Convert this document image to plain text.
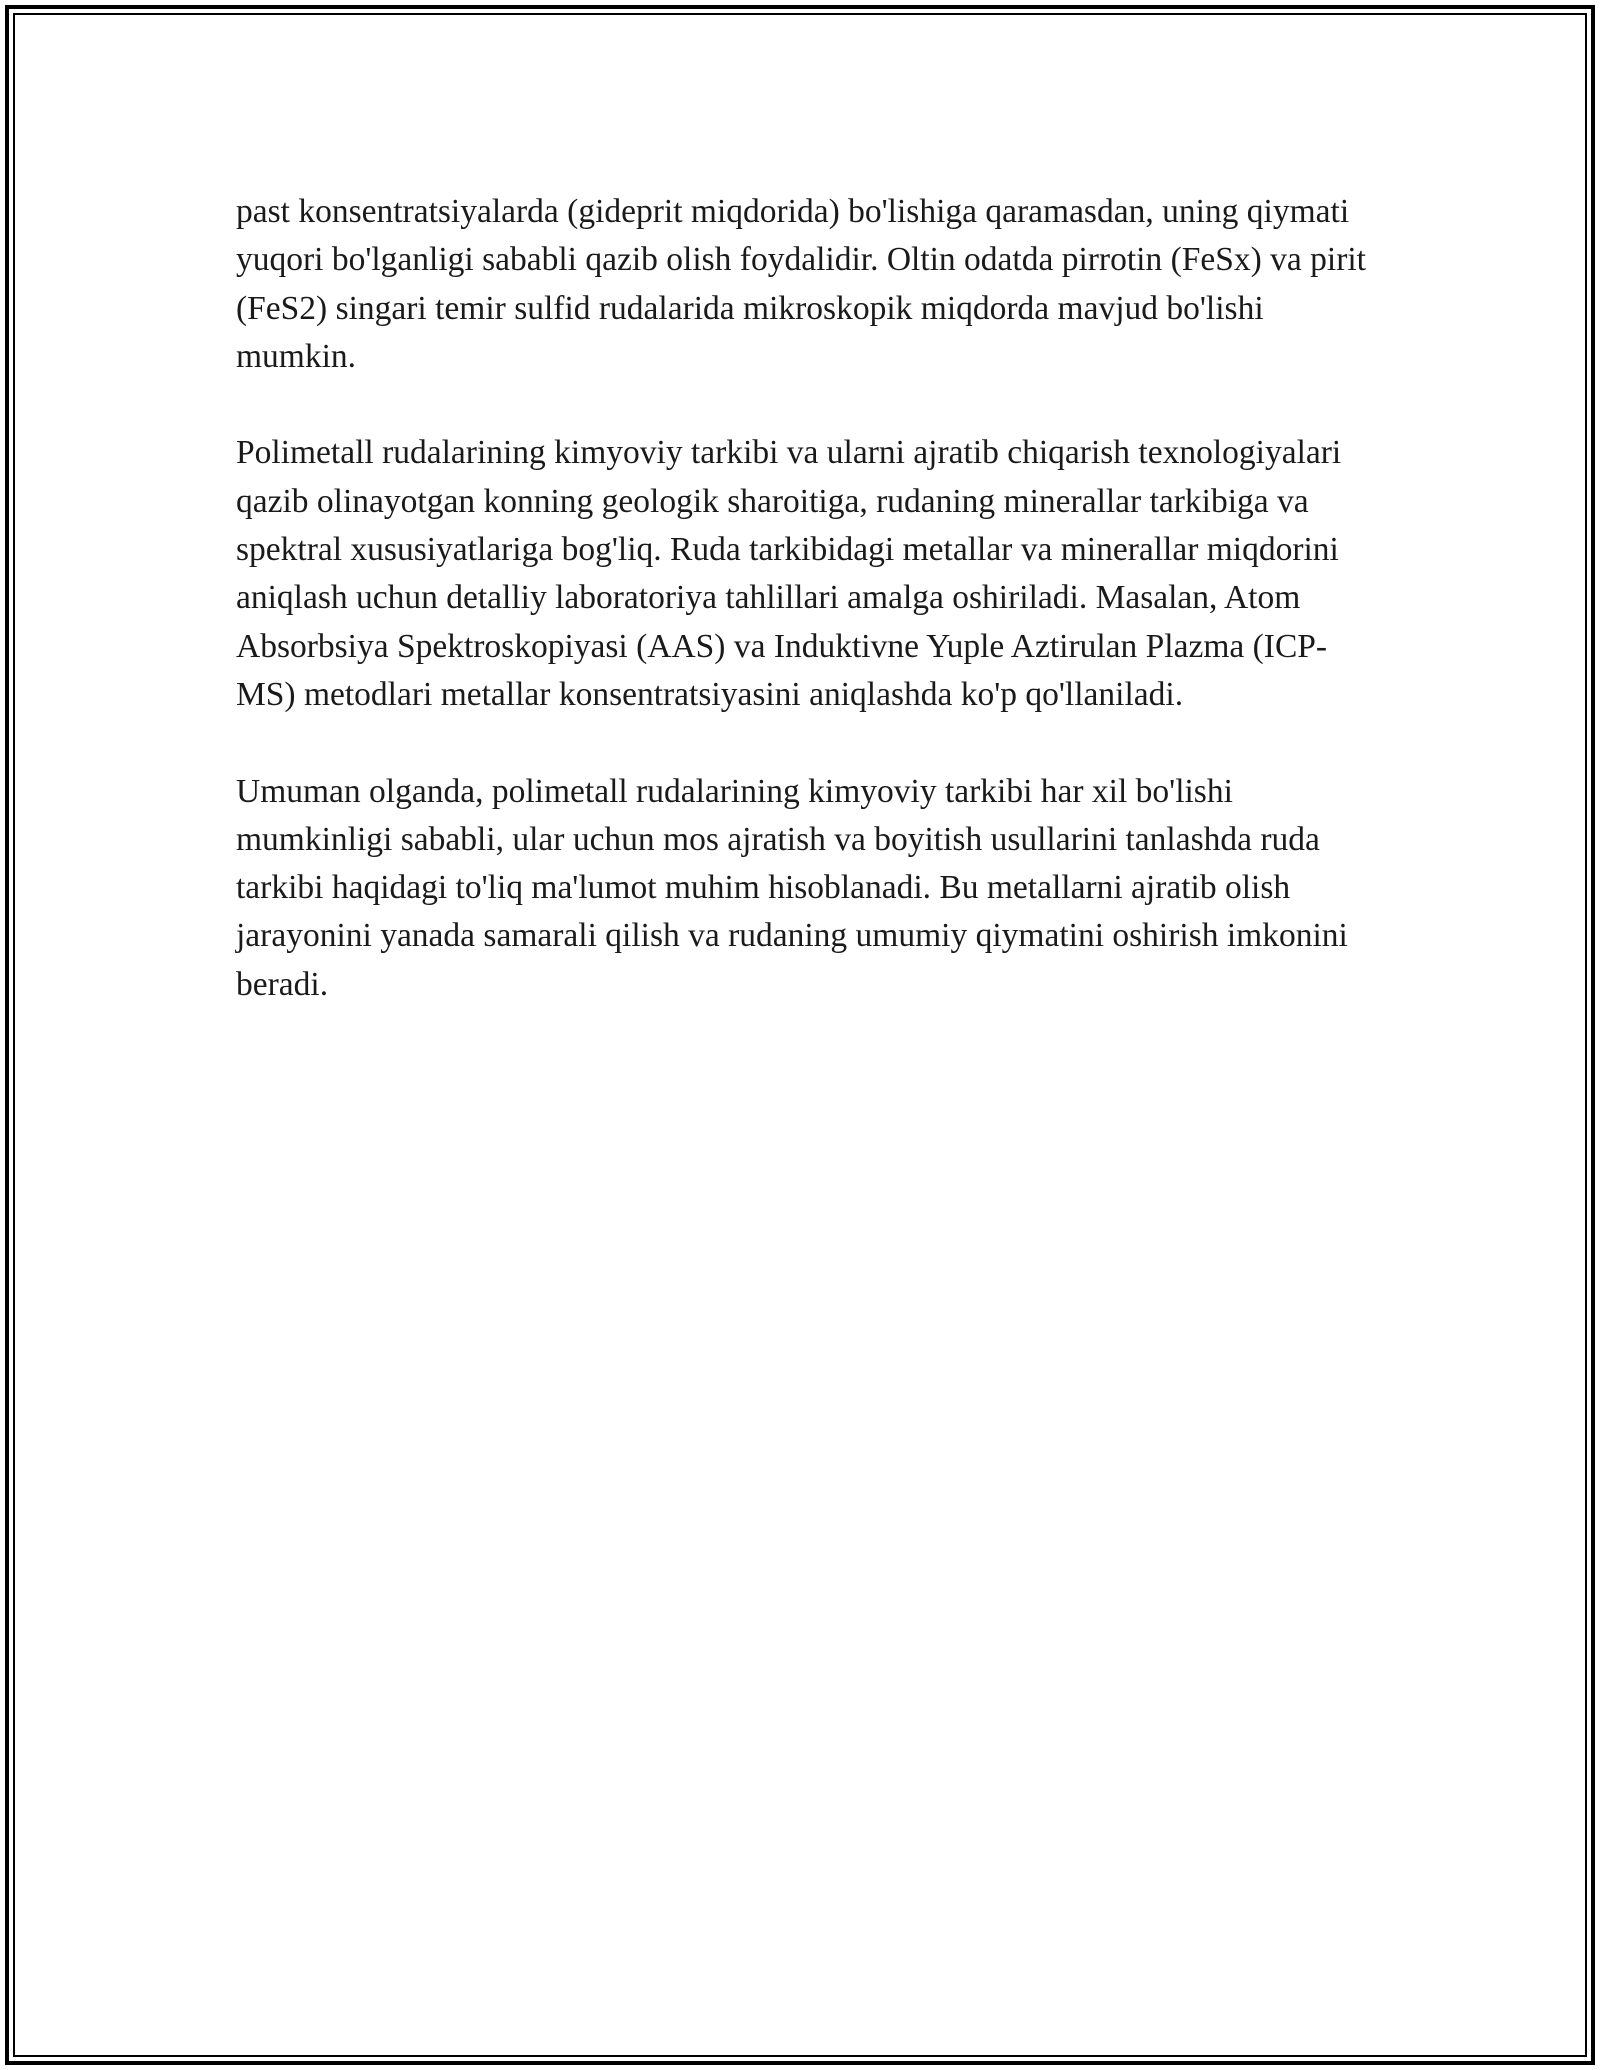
past konsentratsiyalarda (gideprit miqdorida) bo'lishiga qaramasdan, uning qiymati yuqori bo'lganligi sababli qazib olish foydalidir. Oltin odatda pirrotin (FeSx) va pirit (FeS2) singari temir sulfid rudalarida mikroskopik miqdorda mavjud bo'lishi mumkin.

Polimetall rudalarining kimyoviy tarkibi va ularni ajratib chiqarish texnologiyalari qazib olinayotgan konning geologik sharoitiga, rudaning minerallar tarkibiga va spektral xususiyatlariga bog'liq. Ruda tarkibidagi metallar va minerallar miqdorini aniqlash uchun detalliy laboratoriya tahlillari amalga oshiriladi. Masalan, Atom Absorbsiya Spektroskopiyasi (AAS) va Induktivne Yuple Aztirulan Plazma (ICP-MS) metodlari metallar konsentratsiyasini aniqlashda ko'p qo'llaniladi.

Umuman olganda, polimetall rudalarining kimyoviy tarkibi har xil bo'lishi mumkinligi sababli, ular uchun mos ajratish va boyitish usullarini tanlashda ruda tarkibi haqidagi to'liq ma'lumot muhim hisoblanadi. Bu metallarni ajratib olish jarayonini yanada samarali qilish va rudaning umumiy qiymatini oshirish imkonini beradi.
